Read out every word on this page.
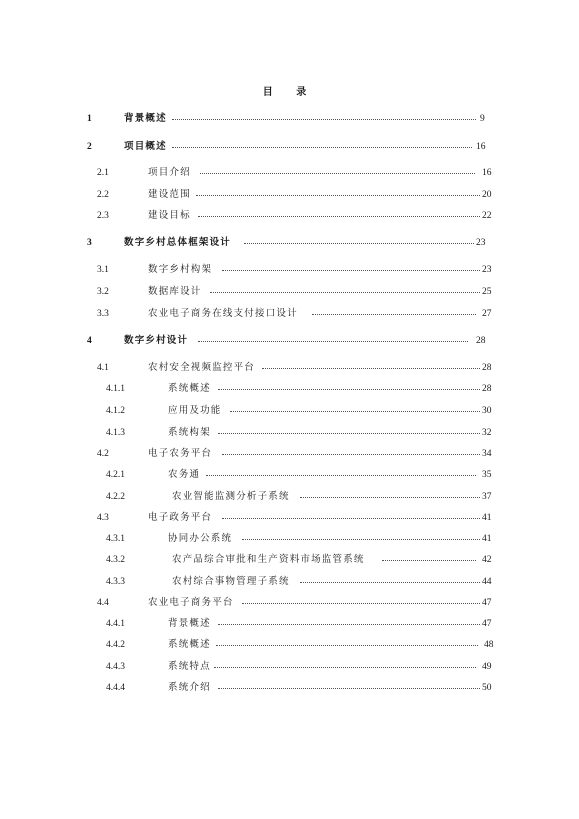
目 录
1	背景概述	9
2	项目概述	16
2.1	项目介绍	16
2.2	建设范围	20
2.3	建设目标	22
3	数字乡村总体框架设计	23
3.1	数字乡村构架	23
3.2	数据库设计	25
3.3	农业电子商务在线支付接口设计	27
4	数字乡村设计	28
4.1	农村安全视频监控平台	28
4.1.1	系统概述	28
4.1.2	应用及功能	30
4.1.3	系统构架	32
4.2	电子农务平台	34
4.2.1	农务通	35
4.2.2	农业智能监测分析子系统	37
4.3	电子政务平台	41
4.3.1	协同办公系统	41
4.3.2	农产品综合审批和生产资料市场监管系统	42
4.3.3	农村综合事物管理子系统	44
4.4	农业电子商务平台	47
4.4.1	背景概述	47
4.4.2	系统概述	48
4.4.3	系统特点	49
4.4.4	系统介绍	50
